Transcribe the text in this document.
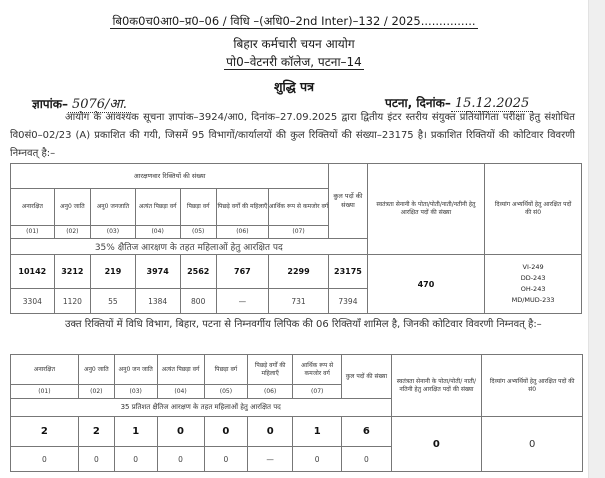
बि0क0च0आ0–प्र0–06 / विधि –(अधि0–2nd Inter)–132 / 2025...............
बिहार कर्मचारी चयन आयोग
पो0–वेटनरी कॉलेज, पटना–14
शुद्धि पत्र
ज्ञापांक– 5076/आ.	पटना, दिनांक– 15.12.2025
आयोग के आवश्यक सूचना ज्ञापांक–3924/आ0, दिनांक–27.09.2025 द्वारा द्वितीय इंटर स्तरीय संयुक्त प्रतियोगिता परीक्षा हेतु संशोधित वि0सं0–02/23 (A) प्रकाशित की गयी, जिसमें 95 विभागों/कार्यालयों की कुल रिक्तियों की संख्या–23175 है। प्रकाशित रिक्तियों की कोटिवार विवरणी निम्नवत् है:–
आरक्षणवार रिक्तियों की संख्या							कुल पदों की संख्या	स्वतंत्रता सेनानी के पोता/पोती/नाती/नतीनी हेतु आरक्षित पदों की संख्या	दिव्यांग अभ्यर्थियों हेतु आरक्षित पदों की सं0
अनारक्षित	अनु0 जाति	अनु0 जनजाति	अत्यंत पिछड़ा वर्ग	पिछड़ा वर्ग	पिछड़े वर्गों की महिलाएँ	आर्थिक रूप से कमजोर वर्ग			
(01)	(02)	(03)	(04)	(05)	(06)	(07)			
35% क्षैतिज आरक्षण के तहत महिलाओं हेतु आरक्षित पद									
10142	3212	219	3974	2562	767	2299	23175	470	VI-249
DD-243
OH-243
MD/MUD-233

3304	1120	55	1384	800	—	731	7394		
उक्त रिक्तियों में विधि विभाग, बिहार, पटना से निम्नवर्गीय लिपिक की 06 रिक्तियाँ शामिल है, जिनकी कोटिवार विवरणी निम्नवत् है:–
अनारक्षित	अनु0 जाति	अनु0 जन जाति	अत्यंत पिछड़ा वर्ग	पिछड़ा वर्ग	पिछड़े वर्गों की महिलाएँ	आर्थिक रूप से कमजोर वर्ग	कुल पदों की संख्या	स्वतंत्रता सेनानी के पोता/पोती/ नाती/ नतिनी हेतु आरक्षित पदों की संख्या	दिव्यांग अभ्यर्थियों हेतु आरक्षित पदों की सं0
(01)	(02)	(03)	(04)	(05)	(06)	(07)			
35 प्रतिशत क्षैतिज आरक्षण के तहत महिलाओं हेतु आरक्षित पद									
2	2	1	0	0	0	1	6	0	0
0	0	0	0	0	—	0	0		
